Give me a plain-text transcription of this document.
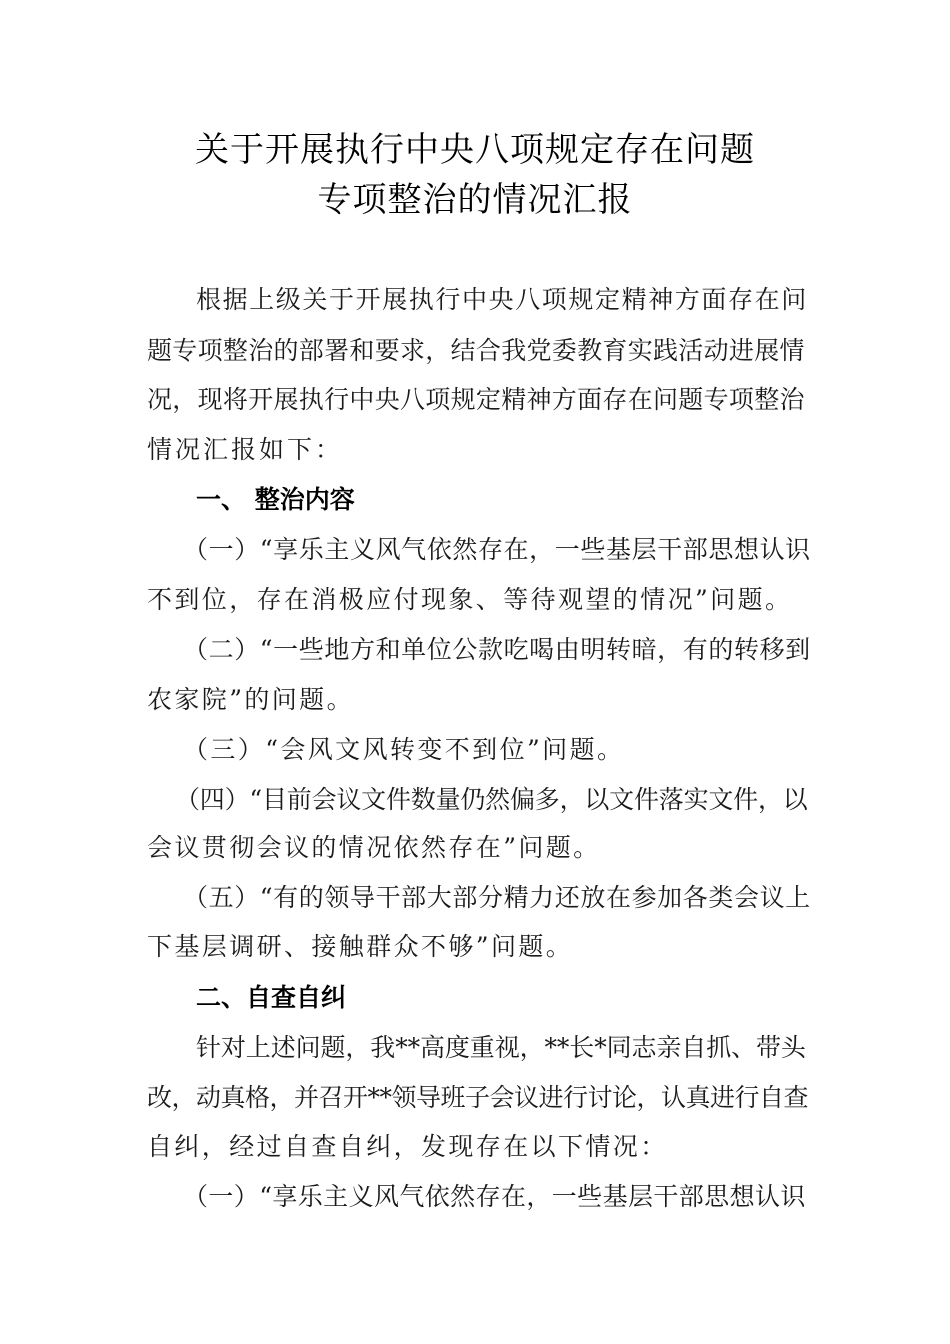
关于开展执行中央八项规定存在问题
专项整治的情况汇报
根据上级关于开展执行中央八项规定精神方面存在问
题专项整治的部署和要求，结合我党委教育实践活动进展情
况，现将开展执行中央八项规定精神方面存在问题专项整治
情况汇报如下：
一、 整治内容
（一）“享乐主义风气依然存在，一些基层干部思想认识
不到位，存在消极应付现象、等待观望的情况”问题。
（二）“一些地方和单位公款吃喝由明转暗，有的转移到
农家院”的问题。
（三）“会风文风转变不到位”问题。
（四）“目前会议文件数量仍然偏多，以文件落实文件，以
会议贯彻会议的情况依然存在”问题。
（五）“有的领导干部大部分精力还放在参加各类会议上
下基层调研、接触群众不够”问题。
二、自查自纠
针对上述问题，我**高度重视，**长*同志亲自抓、带头
改，动真格，并召开**领导班子会议进行讨论，认真进行自查
自纠，经过自查自纠，发现存在以下情况：
（一）“享乐主义风气依然存在，一些基层干部思想认识
